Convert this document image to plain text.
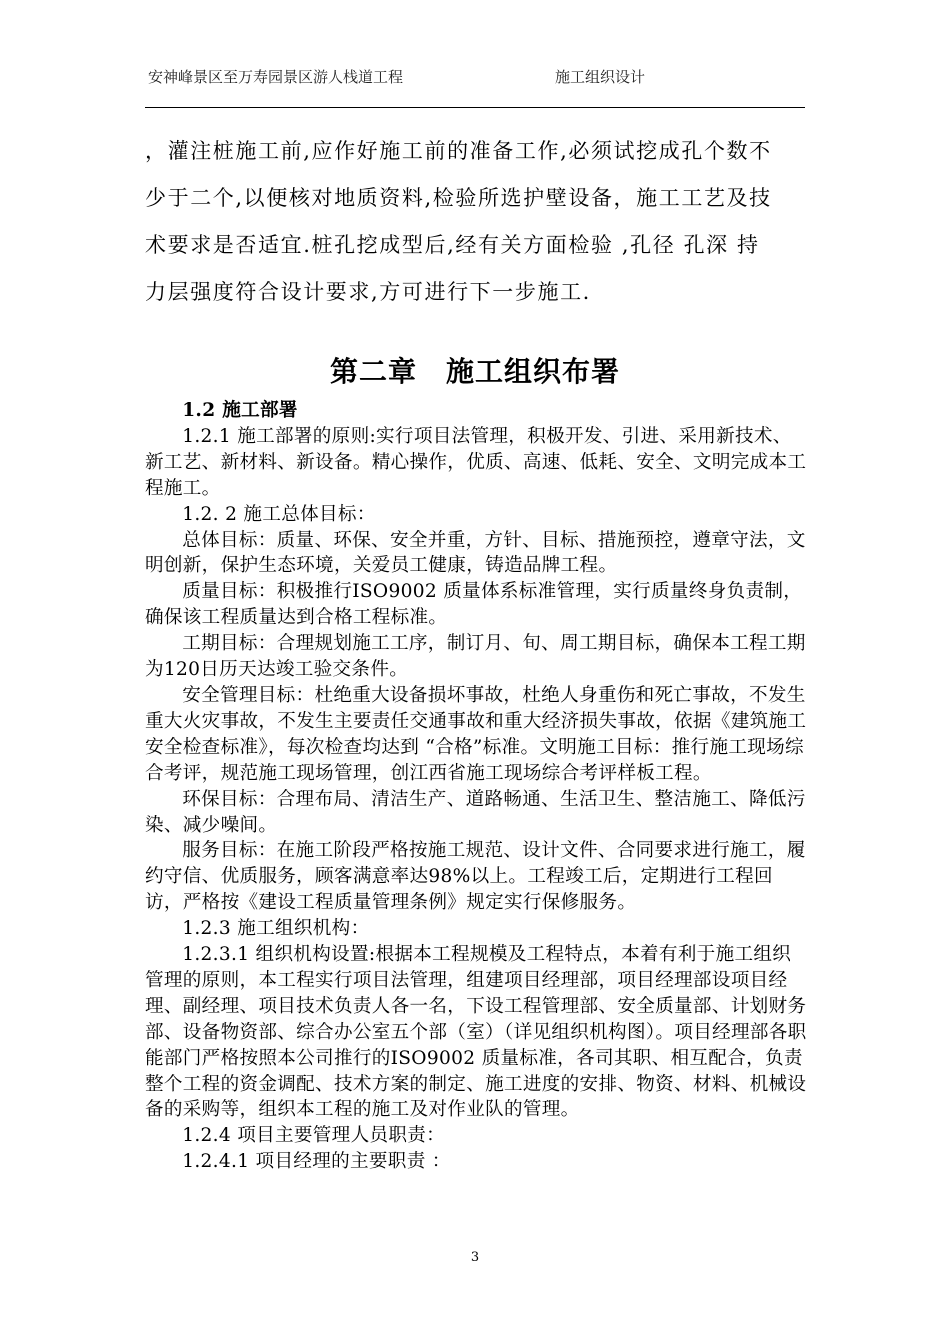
安神峰景区至万寿园景区游人栈道工程	施工组织设计

，灌注桩施工前,应作好施工前的准备工作,必须试挖成孔个数不

少于二个,以便核对地质资料,检验所选护壁设备，施工工艺及技

术要求是否适宜.桩孔挖成型后,经有关方面检验 ,孔径 孔深 持

力层强度符合设计要求,方可进行下一步施工.

第二章　施工组织布署

1.2 施工部署

1.2.1 施工部署的原则:实行项目法管理，积极开发、引进、采用新技术、新工艺、新材料、新设备。精心操作，优质、高速、低耗、安全、文明完成本工程施工。

1.2. 2 施工总体目标：

总体目标：质量、环保、安全并重，方针、目标、措施预控，遵章守法，文明创新，保护生态环境，关爱员工健康，铸造品牌工程。

质量目标：积极推行ISO9002 质量体系标准管理，实行质量终身负责制，确保该工程质量达到合格工程标准。

工期目标：合理规划施工工序，制订月、旬、周工期目标，确保本工程工期为120日历天达竣工验交条件。

安全管理目标：杜绝重大设备损坏事故，杜绝人身重伤和死亡事故，不发生重大火灾事故，不发生主要责任交通事故和重大经济损失事故，依据《建筑施工安全检查标准》，每次检查均达到 “合格”标准。文明施工目标：推行施工现场综合考评，规范施工现场管理，创江西省施工现场综合考评样板工程。

环保目标：合理布局、清洁生产、道路畅通、生活卫生、整洁施工、降低污染、减少噪间。

服务目标：在施工阶段严格按施工规范、设计文件、合同要求进行施工，履约守信、优质服务，顾客满意率达98%以上。工程竣工后，定期进行工程回访，严格按《建设工程质量管理条例》规定实行保修服务。

1.2.3 施工组织机构：

1.2.3.1 组织机构设置:根据本工程规模及工程特点，本着有利于施工组织管理的原则，本工程实行项目法管理，组建项目经理部，项目经理部设项目经理、副经理、项目技术负责人各一名，下设工程管理部、安全质量部、计划财务部、设备物资部、综合办公室五个部（室）（详见组织机构图）。项目经理部各职能部门严格按照本公司推行的ISO9002 质量标准，各司其职、相互配合，负责整个工程的资金调配、技术方案的制定、施工进度的安排、物资、材料、机械设备的采购等，组织本工程的施工及对作业队的管理。

1.2.4 项目主要管理人员职责：

1.2.4.1 项目经理的主要职责 ：

3
